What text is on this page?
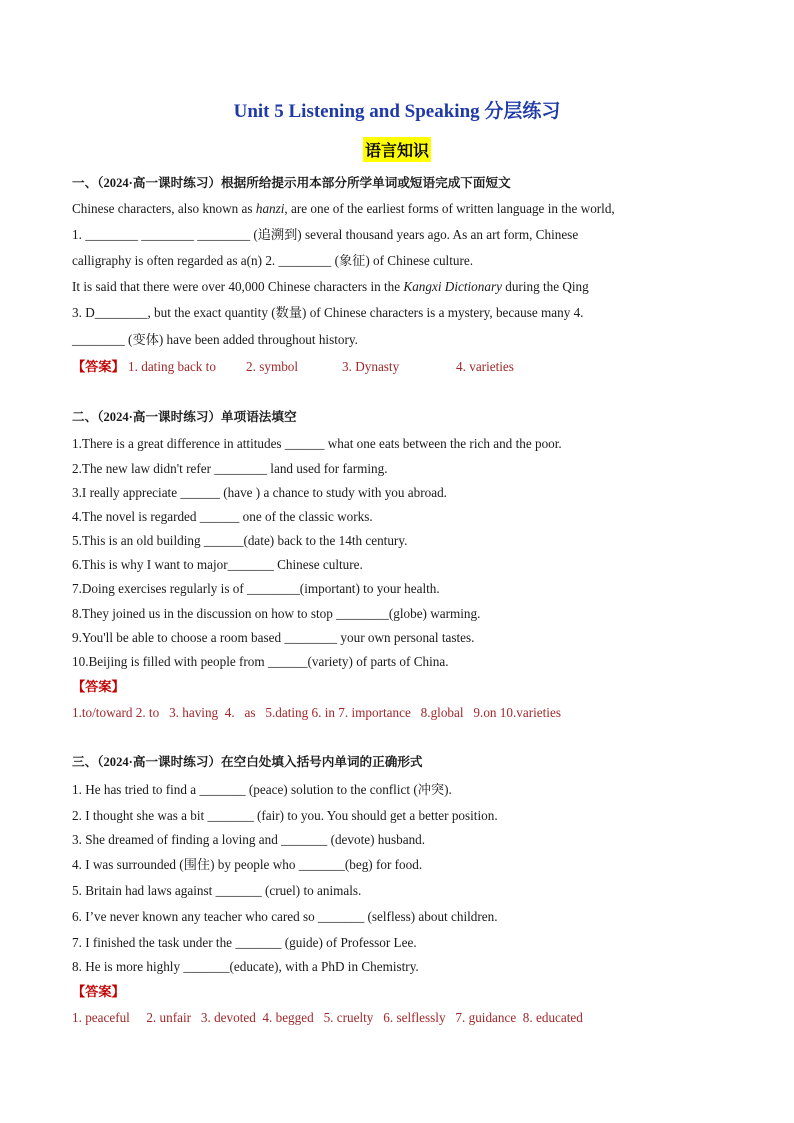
Unit 5 Listening and Speaking 分层练习
语言知识
一、（2024·高一课时练习）根据所给提示用本部分所学单词或短语完成下面短文
Chinese characters, also known as hanzi, are one of the earliest forms of written language in the world,
1. ________ ________ ________ (追溯到) several thousand years ago. As an art form, Chinese
calligraphy is often regarded as a(n) 2. ________ (象征) of Chinese culture.
It is said that there were over 40,000 Chinese characters in the Kangxi Dictionary during the Qing
3. D________, but the exact quantity (数量) of Chinese characters is a mystery, because many 4.
________ (变体) have been added throughout history.
【答案】 1. dating back to 2. symbol	3. Dynasty	4. varieties
二、（2024·高一课时练习）单项语法填空
1.There is a great difference in attitudes ______ what one eats between the rich and the poor.
2.The new law didn't refer ________ land used for farming.
3.I really appreciate ______ (have ) a chance to study with you abroad.
4.The novel is regarded ______ one of the classic works.
5.This is an old building ______(date) back to the 14th century.
6.This is why I want to major_______ Chinese culture.
7.Doing exercises regularly is of ________(important) to your health.
8.They joined us in the discussion on how to stop ________(globe) warming.
9.You'll be able to choose a room based ________ your own personal tastes.
10.Beijing is filled with people from ______(variety) of parts of China.
【答案】
1.to/toward 2. to   3. having  4.   as   5.dating 6. in 7. importance   8.global   9.on 10.varieties
三、（2024·高一课时练习）在空白处填入括号内单词的正确形式
1. He has tried to find a _______ (peace) solution to the conflict (冲突).
2. I thought she was a bit _______ (fair) to you. You should get a better position.
3. She dreamed of finding a loving and _______ (devote) husband.
4. I was surrounded (围住) by people who _______(beg) for food.
5. Britain had laws against _______ (cruel) to animals.
6. I’ve never known any teacher who cared so _______ (selfless) about children.
7. I finished the task under the _______ (guide) of Professor Lee.
8. He is more highly _______(educate), with a PhD in Chemistry.
【答案】
1. peaceful     2. unfair   3. devoted  4. begged   5. cruelty   6. selflessly   7. guidance  8. educated
